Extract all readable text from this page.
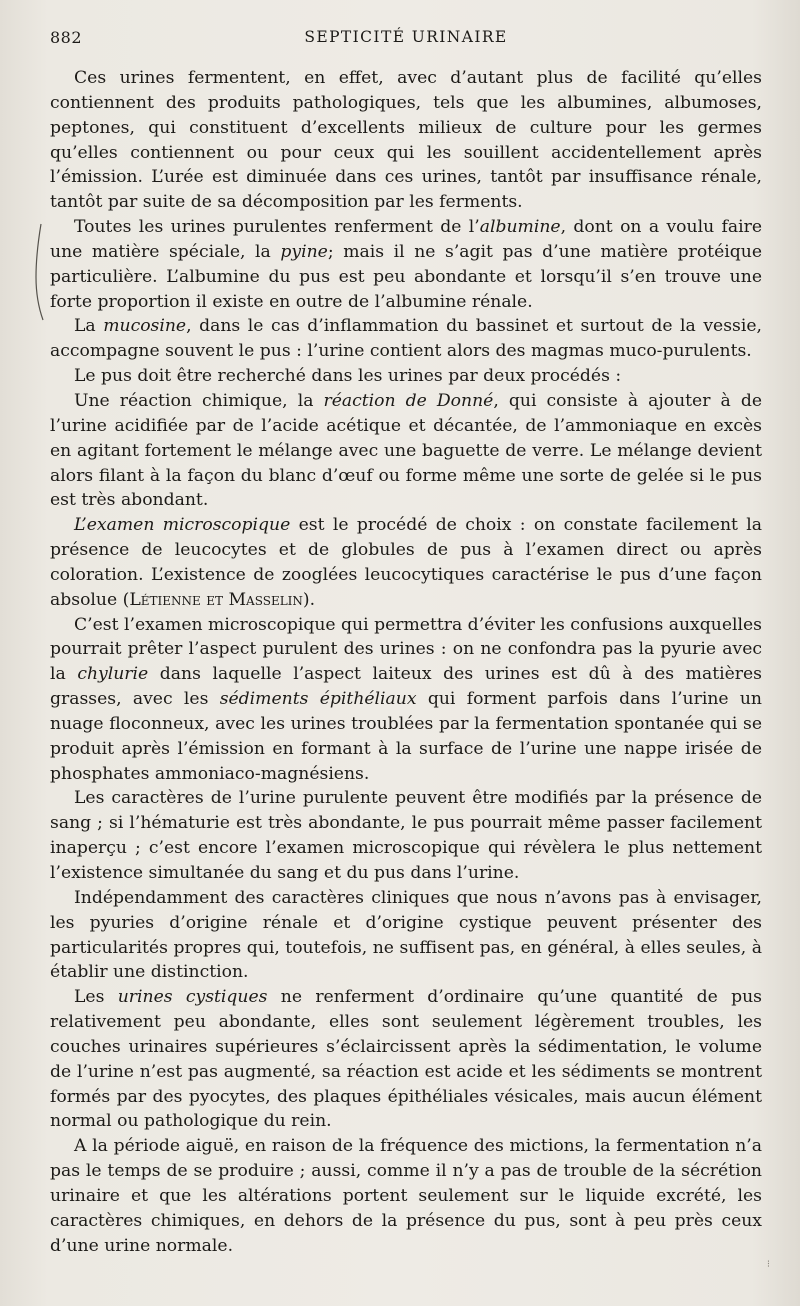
882	SEPTICITÉ URINAIRE

Ces urines fermentent, en effet, avec d’autant plus de facilité qu’elles contiennent des produits pathologiques, tels que les albumines, albumoses, peptones, qui constituent d’excellents milieux de culture pour les germes qu’elles contiennent ou pour ceux qui les souillent accidentellement après l’émission. L’urée est diminuée dans ces urines, tantôt par insuffisance rénale, tantôt par suite de sa décomposition par les ferments.

Toutes les urines purulentes renferment de l’albumine, dont on a voulu faire une matière spéciale, la pyine; mais il ne s’agit pas d’une matière protéique particulière. L’albumine du pus est peu abondante et lorsqu’il s’en trouve une forte proportion il existe en outre de l’albumine rénale.

La mucosine, dans le cas d’inflammation du bassinet et surtout de la vessie, accompagne souvent le pus : l’urine contient alors des magmas muco-purulents.

Le pus doit être recherché dans les urines par deux procédés :

Une réaction chimique, la réaction de Donné, qui consiste à ajouter à de l’urine acidifiée par de l’acide acétique et décantée, de l’ammoniaque en excès en agitant fortement le mélange avec une baguette de verre. Le mélange devient alors filant à la façon du blanc d’œuf ou forme même une sorte de gelée si le pus est très abondant.

L’examen microscopique est le procédé de choix : on constate facilement la présence de leucocytes et de globules de pus à l’examen direct ou après coloration. L’existence de zooglées leucocytiques caractérise le pus d’une façon absolue (Létienne et Masselin).

C’est l’examen microscopique qui permettra d’éviter les confusions auxquelles pourrait prêter l’aspect purulent des urines : on ne confondra pas la pyurie avec la chylurie dans laquelle l’aspect laiteux des urines est dû à des matières grasses, avec les sédiments épithéliaux qui forment parfois dans l’urine un nuage floconneux, avec les urines troublées par la fermentation spontanée qui se produit après l’émission en formant à la surface de l’urine une nappe irisée de phosphates ammoniaco-magnésiens.

Les caractères de l’urine purulente peuvent être modifiés par la présence de sang ; si l’hématurie est très abondante, le pus pourrait même passer facilement inaperçu ; c’est encore l’examen microscopique qui révèlera le plus nettement l’existence simultanée du sang et du pus dans l’urine.

Indépendamment des caractères cliniques que nous n’avons pas à envisager, les pyuries d’origine rénale et d’origine cystique peuvent présenter des particularités propres qui, toutefois, ne suffisent pas, en général, à elles seules, à établir une distinction.

Les urines cystiques ne renferment d’ordinaire qu’une quantité de pus relativement peu abondante, elles sont seulement légèrement troubles, les couches urinaires supérieures s’éclaircissent après la sédimentation, le volume de l’urine n’est pas augmenté, sa réaction est acide et les sédiments se montrent formés par des pyocytes, des plaques épithéliales vésicales, mais aucun élément normal ou pathologique du rein.

A la période aiguë, en raison de la fréquence des mictions, la fermentation n’a pas le temps de se produire ; aussi, comme il n’y a pas de trouble de la sécrétion urinaire et que les altérations portent seulement sur le liquide excrété, les caractères chimiques, en dehors de la présence du pus, sont à peu près ceux d’une urine normale.

⁝
